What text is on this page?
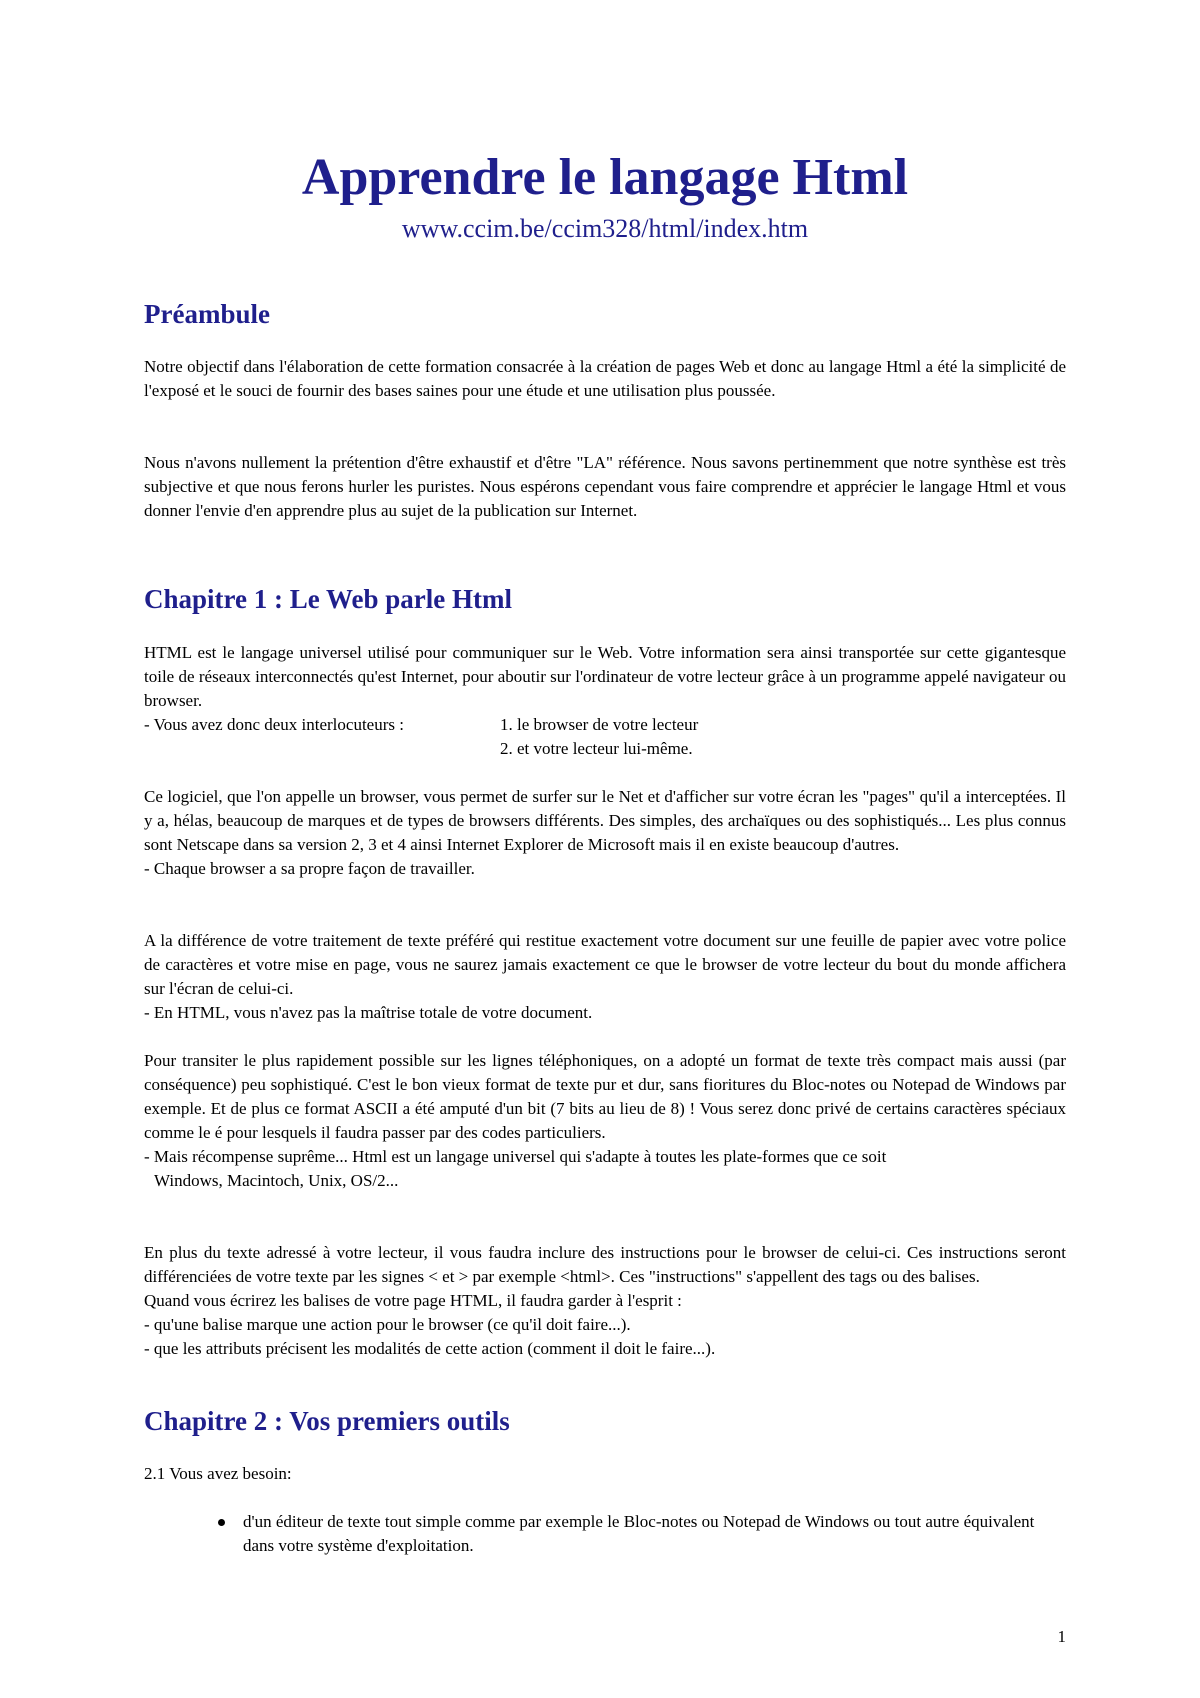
Apprendre le langage Html
www.ccim.be/ccim328/html/index.htm
Préambule
Notre objectif dans l'élaboration de cette formation consacrée à la création de pages Web et donc au langage Html a été la simplicité de l'exposé et le souci de fournir des bases saines pour une étude et une utilisation plus poussée.
Nous n'avons nullement la prétention d'être exhaustif et d'être "LA" référence. Nous savons pertinemment que notre synthèse est très subjective et que nous ferons hurler les puristes. Nous espérons cependant vous faire comprendre et apprécier le langage Html et vous donner l'envie d'en apprendre plus au sujet de la publication sur Internet.
Chapitre 1 : Le Web parle Html
HTML est le langage universel utilisé pour communiquer sur le Web. Votre information sera ainsi transportée sur cette gigantesque toile de réseaux interconnectés qu'est Internet, pour aboutir sur l'ordinateur de votre lecteur grâce à un programme appelé navigateur ou browser.
- Vous avez donc deux interlocuteurs :	1. le browser de votre lecteur
2. et votre lecteur lui-même.
Ce logiciel, que l'on appelle un browser, vous permet de surfer sur le Net et d'afficher sur votre écran les "pages" qu'il a interceptées. Il y a, hélas, beaucoup de marques et de types de browsers différents. Des simples, des archaïques ou des sophistiqués... Les plus connus sont Netscape dans sa version 2, 3 et 4 ainsi Internet Explorer de Microsoft mais il en existe beaucoup d'autres.
- Chaque browser a sa propre façon de travailler.
A la différence de votre traitement de texte préféré qui restitue exactement votre document sur une feuille de papier avec votre police de caractères et votre mise en page, vous ne saurez jamais exactement ce que le browser de votre lecteur du bout du monde affichera sur l'écran de celui-ci.
- En HTML, vous n'avez pas la maîtrise totale de votre document.
Pour transiter le plus rapidement possible sur les lignes téléphoniques, on a adopté un format de texte très compact mais aussi (par conséquence) peu sophistiqué. C'est le bon vieux format de texte pur et dur, sans fioritures du Bloc-notes ou Notepad de Windows par exemple. Et de plus ce format ASCII a été amputé d'un bit (7 bits au lieu de 8) ! Vous serez donc privé de certains caractères spéciaux comme le é pour lesquels il faudra passer par des codes particuliers.
- Mais récompense suprême... Html est un langage universel qui s'adapte à toutes les plate-formes que ce soit
Windows, Macintoch, Unix, OS/2...
En plus du texte adressé à votre lecteur, il vous faudra inclure des instructions pour le browser de celui-ci. Ces instructions seront différenciées de votre texte par les signes < et > par exemple <html>. Ces "instructions" s'appellent des tags ou des balises.
Quand vous écrirez les balises de votre page HTML, il faudra garder à l'esprit :
- qu'une balise marque une action pour le browser (ce qu'il doit faire...).
- que les attributs précisent les modalités de cette action (comment il doit le faire...).
Chapitre 2 : Vos premiers outils
2.1 Vous avez besoin:
d'un éditeur de texte tout simple comme par exemple le Bloc-notes ou Notepad de Windows ou tout autre équivalent dans votre système d'exploitation.
1
